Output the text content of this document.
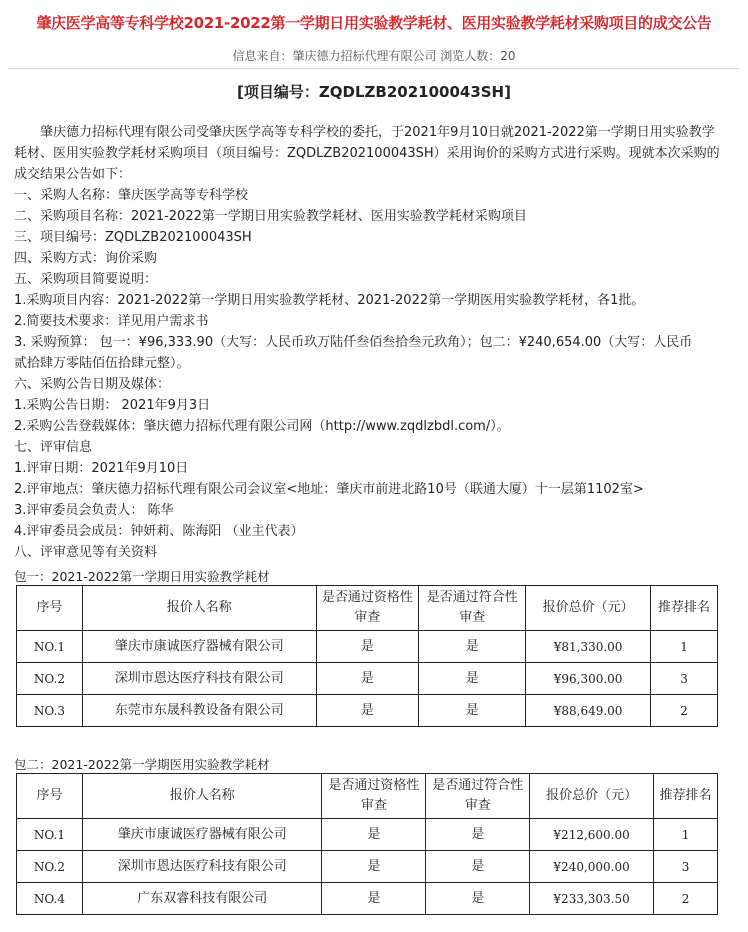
肇庆医学高等专科学校2021-2022第一学期日用实验教学耗材、医用实验教学耗材采购项目的成交公告
信息来自：肇庆德力招标代理有限公司 浏览人数：20
[项目编号：ZQDLZB202100043SH]
肇庆德力招标代理有限公司受肇庆医学高等专科学校的委托，于2021年9月10日就2021-2022第一学期日用实验教学
耗材、医用实验教学耗材采购项目（项目编号：ZQDLZB202100043SH）采用询价的采购方式进行采购。现就本次采购的
成交结果公告如下：
一、采购人名称：肇庆医学高等专科学校
二、采购项目名称：2021-2022第一学期日用实验教学耗材、医用实验教学耗材采购项目
三、项目编号：ZQDLZB202100043SH
四、采购方式：询价采购
五、采购项目简要说明：
1.采购项目内容：2021-2022第一学期日用实验教学耗材、2021-2022第一学期医用实验教学耗材，各1批。
2.简要技术要求：详见用户需求书
3. 采购预算： 包一：¥96,333.90（大写：人民币玖万陆仟叁佰叁拾叁元玖角）；包二：¥240,654.00（大写：人民币
贰拾肆万零陆佰伍拾肆元整）。
六、采购公告日期及媒体：
1.采购公告日期： 2021年9月3日
2.采购公告登载媒体：肇庆德力招标代理有限公司网（http://www.zqdlzbdl.com/）。
七、评审信息
1.评审日期：2021年9月10日
2.评审地点：肇庆德力招标代理有限公司会议室<地址：肇庆市前进北路10号（联通大厦）十一层第1102室>
3.评审委员会负责人： 陈华
4.评审委员会成员：钟妍莉、陈海阳 （业主代表）
八、评审意见等有关资料
包一：2021-2022第一学期日用实验教学耗材
序号	报价人名称	是否通过资格性审查	是否通过符合性审查	报价总价（元）	推荐排名
NO.1	肇庆市康诚医疗器械有限公司	是	是	¥81,330.00	1
NO.2	深圳市恩达医疗科技有限公司	是	是	¥96,300.00	3
NO.3	东莞市东晟科教设备有限公司	是	是	¥88,649.00	2
包二：2021-2022第一学期医用实验教学耗材
序号	报价人名称	是否通过资格性审查	是否通过符合性审查	报价总价（元）	推荐排名
NO.1	肇庆市康诚医疗器械有限公司	是	是	¥212,600.00	1
NO.2	深圳市恩达医疗科技有限公司	是	是	¥240,000.00	3
NO.4	广东双睿科技有限公司	是	是	¥233,303.50	2
